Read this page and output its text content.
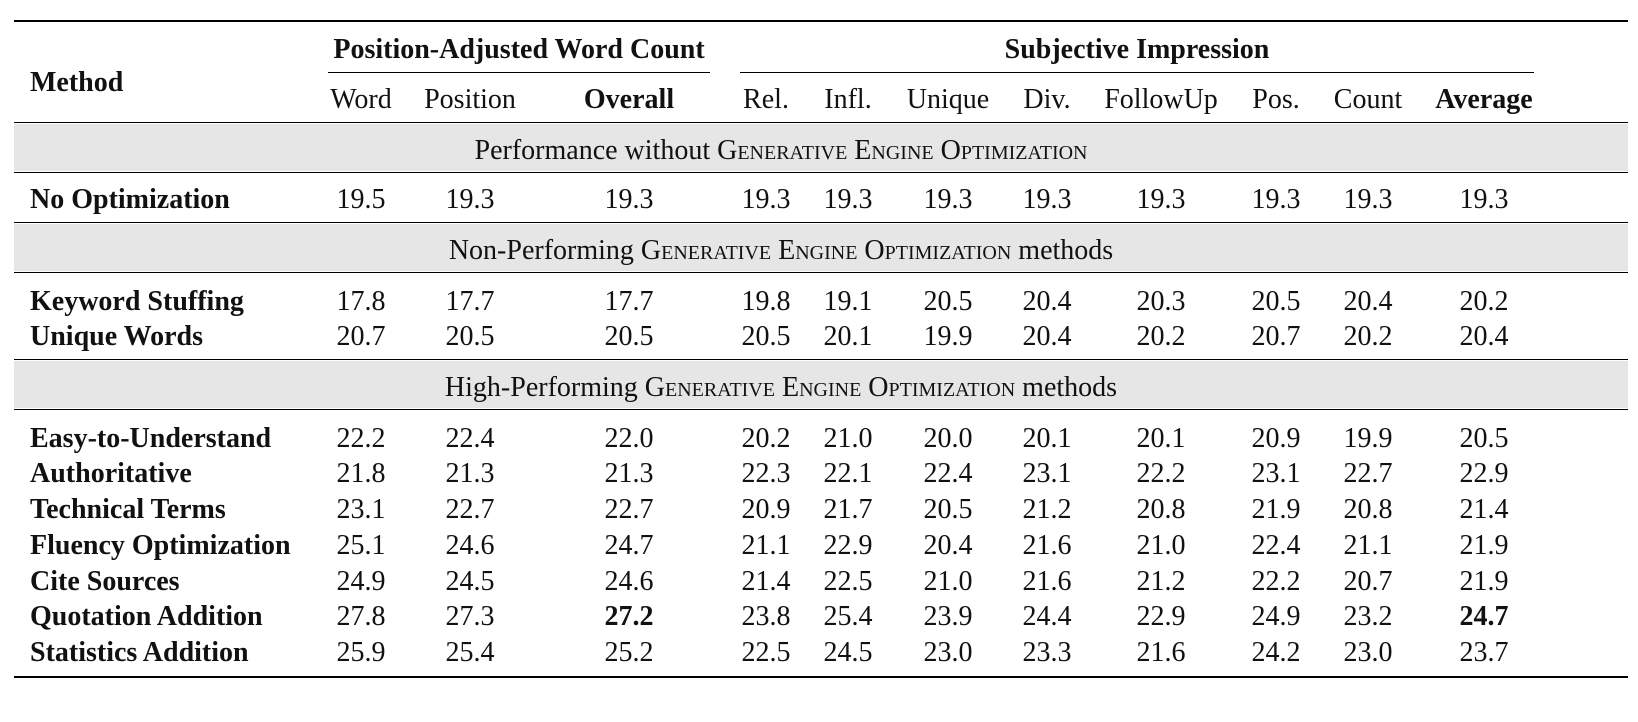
Method
Position-Adjusted Word Count	Subjective Impression
Word Position Overall Rel. Infl. Unique Div. FollowUp Pos. Count Average
Performance without Generative Engine Optimization
No Optimization	19.5 19.3	19.3	19.3 19.3 19.3 19.3 19.3 19.3 19.3 19.3
Non-Performing Generative Engine Optimization methods
Keyword Stuffing	17.8 17.7	17.7	19.8 19.1 20.5 20.4 20.3 20.5 20.4 20.2
Unique Words	20.7 20.5	20.5	20.5 20.1 19.9 20.4 20.2 20.7 20.2 20.4
High-Performing Generative Engine Optimization methods
Easy-to-Understand 22.2 22.4	22.0	20.2 21.0 20.0 20.1 20.1 20.9 19.9 20.5
Authoritative	21.8 21.3	21.3	22.3 22.1 22.4 23.1 22.2 23.1 22.7 22.9
Technical Terms	23.1 22.7	22.7	20.9 21.7 20.5 21.2 20.8 21.9 20.8 21.4
Fluency Optimization 25.1 24.6	24.7	21.1 22.9 20.4 21.6 21.0 22.4 21.1 21.9
Cite Sources	24.9 24.5	24.6	21.4 22.5 21.0 21.6 21.2 22.2 20.7 21.9
Quotation Addition	27.8 27.3	27.2	23.8 25.4 23.9 24.4 22.9 24.9 23.2 24.7
Statistics Addition	25.9 25.4	25.2	22.5 24.5 23.0 23.3 21.6 24.2 23.0 23.7
